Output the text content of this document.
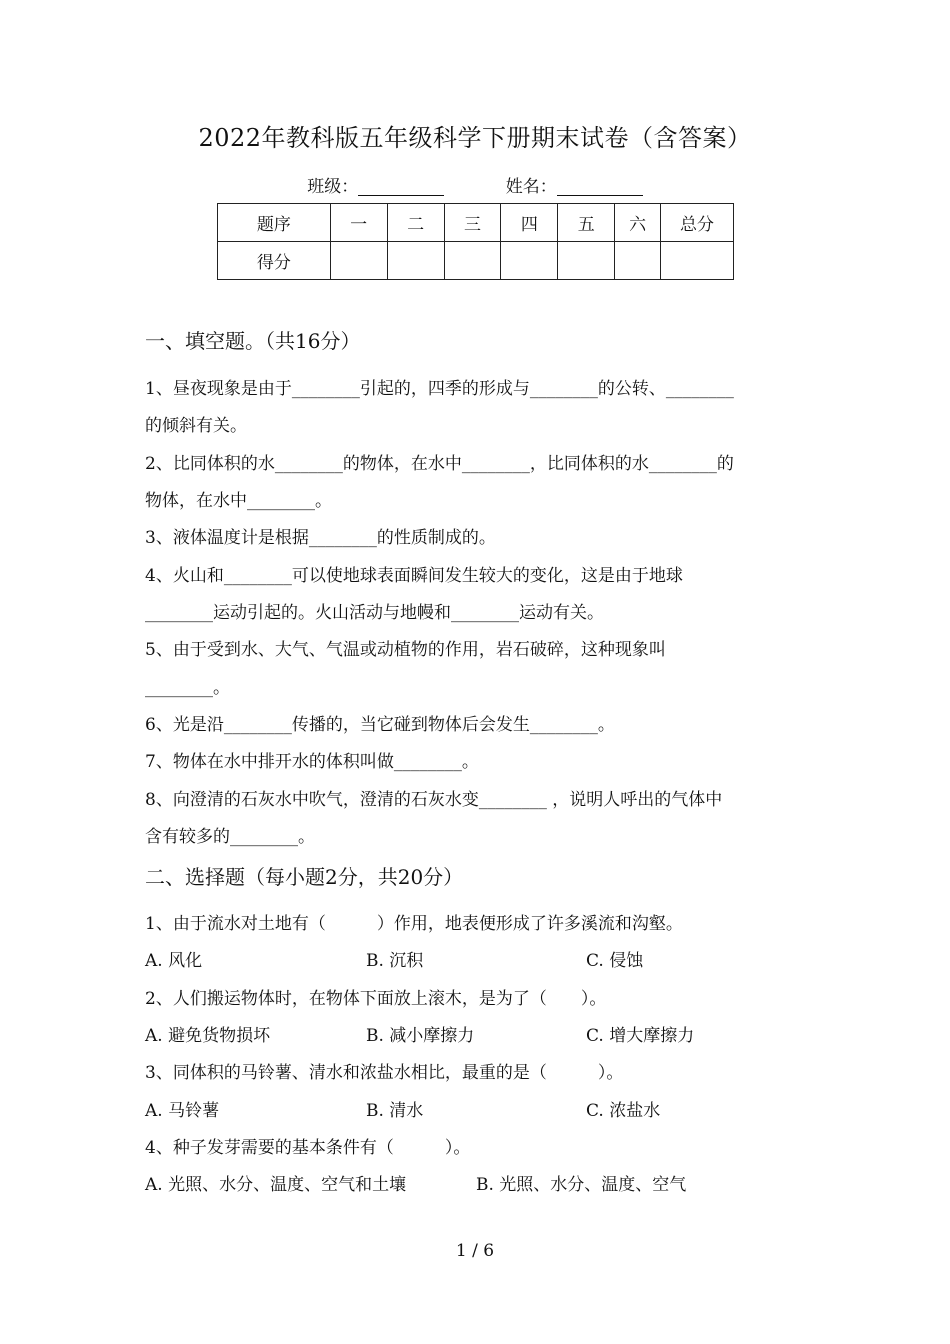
2022年教科版五年级科学下册期末试卷（含答案）
班级：	姓名：
题序	一	二	三	四	五	六	总分
得分							
一、填空题。（共16分）
1、昼夜现象是由于________引起的，四季的形成与________的公转、________
的倾斜有关。
2、比同体积的水________的物体，在水中________，比同体积的水________的
物体，在水中________。
3、液体温度计是根据________的性质制成的。
4、火山和________可以使地球表面瞬间发生较大的变化，这是由于地球
________运动引起的。火山活动与地幔和________运动有关。
5、由于受到水、大气、气温或动植物的作用，岩石破碎，这种现象叫
________。
6、光是沿________传播的，当它碰到物体后会发生________。
7、物体在水中排开水的体积叫做________。
8、向澄清的石灰水中吹气，澄清的石灰水变________ ，说明人呼出的气体中
含有较多的________。
二、选择题（每小题2分，共20分）
1、由于流水对土地有（　　　）作用，地表便形成了许多溪流和沟壑。
A. 风化	B. 沉积	C. 侵蚀
2、人们搬运物体时，在物体下面放上滚木，是为了（　　）。
A. 避免货物损坏	B. 减小摩擦力	C. 增大摩擦力
3、同体积的马铃薯、清水和浓盐水相比，最重的是（　　　）。
A. 马铃薯	B. 清水	C. 浓盐水
4、种子发芽需要的基本条件有（　　　）。
A. 光照、水分、温度、空气和土壤	B. 光照、水分、温度、空气
1 / 6
